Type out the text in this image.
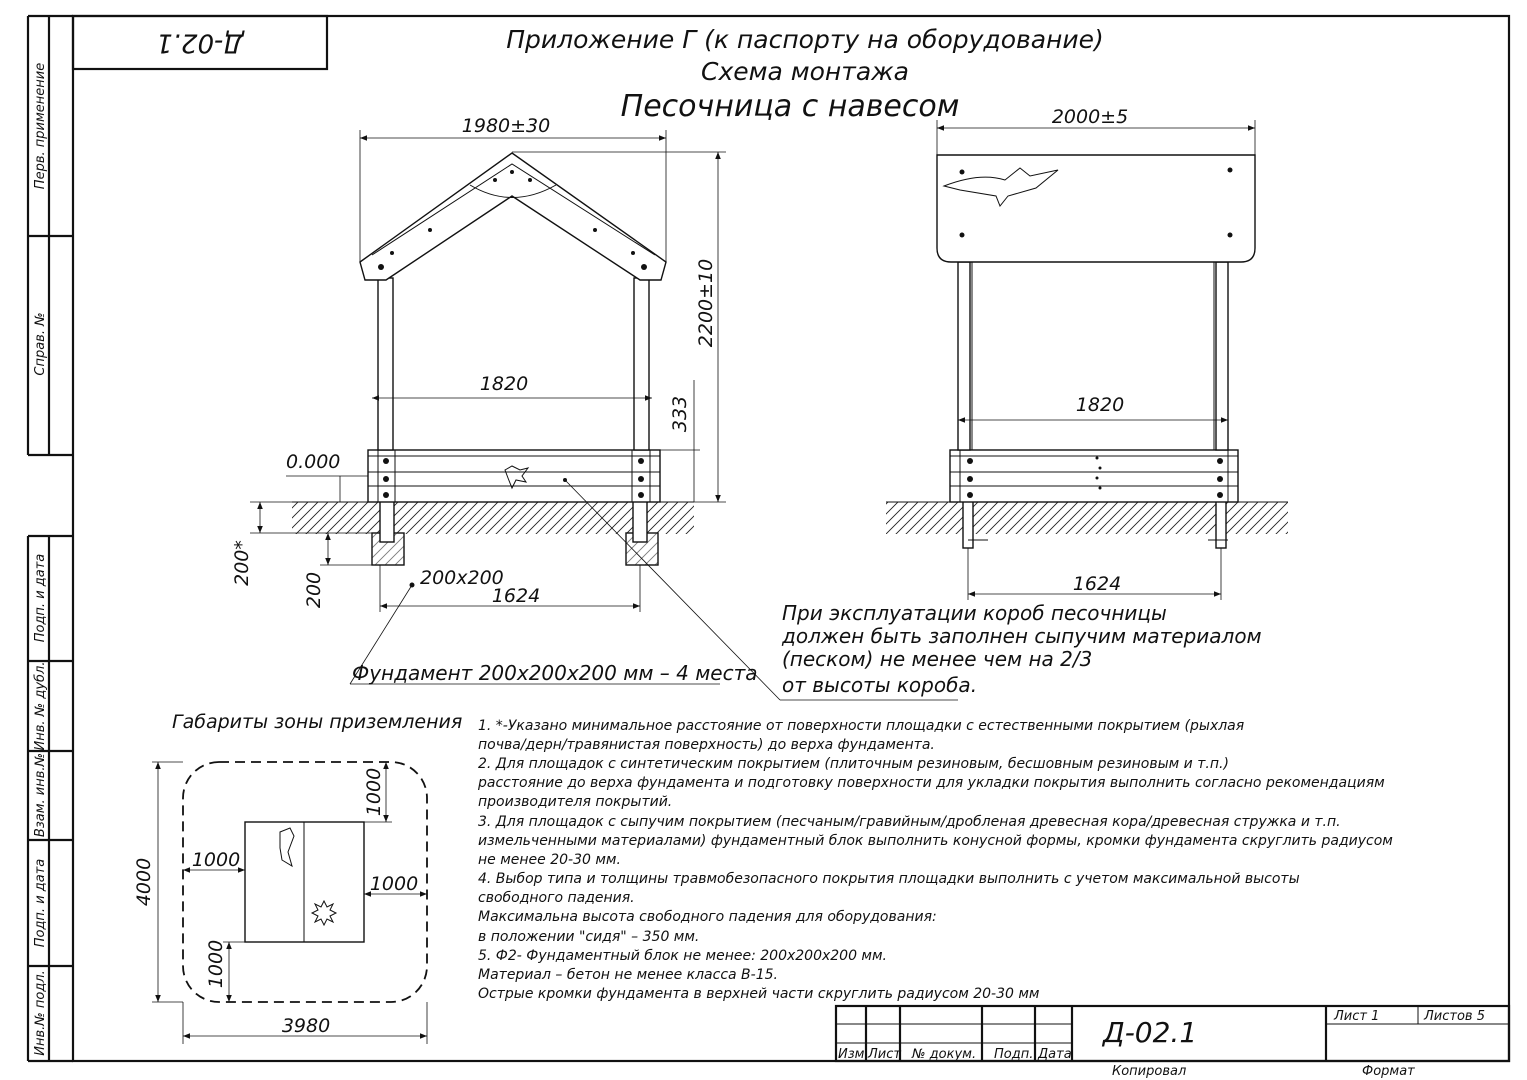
Перв. применение
Справ. №
Подп. и дата
Инв. № дубл.
Взам. инв.№
Подп. и дата
Инв.№ подл.
Д-02.1	Приложение Г (к паспорту на оборудование)
Схема монтажа
Песочница с навесом
1980±30
2200±10
1820
333
0.000
200*
200	200х200
1624
Фундамент 200х200х200 мм – 4 места
2000±5
1820
1624
При эксплуатации короб песочницы
должен быть заполнен сыпучим материалом
(песком) не менее чем на 2/3
от высоты короба.
Габариты зоны приземления
4000
3980
1000
1000
1000
1000
1. *-Указано минимальное расстояние от поверхности площадки с естественными покрытием (рыхлая
почва/дерн/травянистая поверхность) до верха фундамента.
2. Для площадок с синтетическим покрытием (плиточным резиновым, бесшовным резиновым и т.п.)
расстояние до верха фундамента и подготовку поверхности для укладки покрытия выполнить согласно рекомендациям
производителя покрытий.
3. Для площадок с сыпучим покрытием (песчаным/гравийным/дробленая древесная кора/древесная стружка и т.п.
измельченными материалами) фундаментный блок выполнить конусной формы, кромки фундамента скруглить радиусом
не менее 20-30 мм.
4. Выбор типа и толщины травмобезопасного покрытия площадки выполнить с учетом максимальной высоты
свободного падения.
Максимальна высота свободного падения для оборудования:
в положении "сидя" – 350 мм.
5. Ф2- Фундаментный блок не менее: 200х200х200 мм.
Материал – бетон не менее класса В-15.
Острые кромки фундамента в верхней части скруглить радиусом 20-30 мм
Изм Лист № докум. Подп. Дата
Д-02.1	Лист 1	Листов 5
Копировал	Формат
